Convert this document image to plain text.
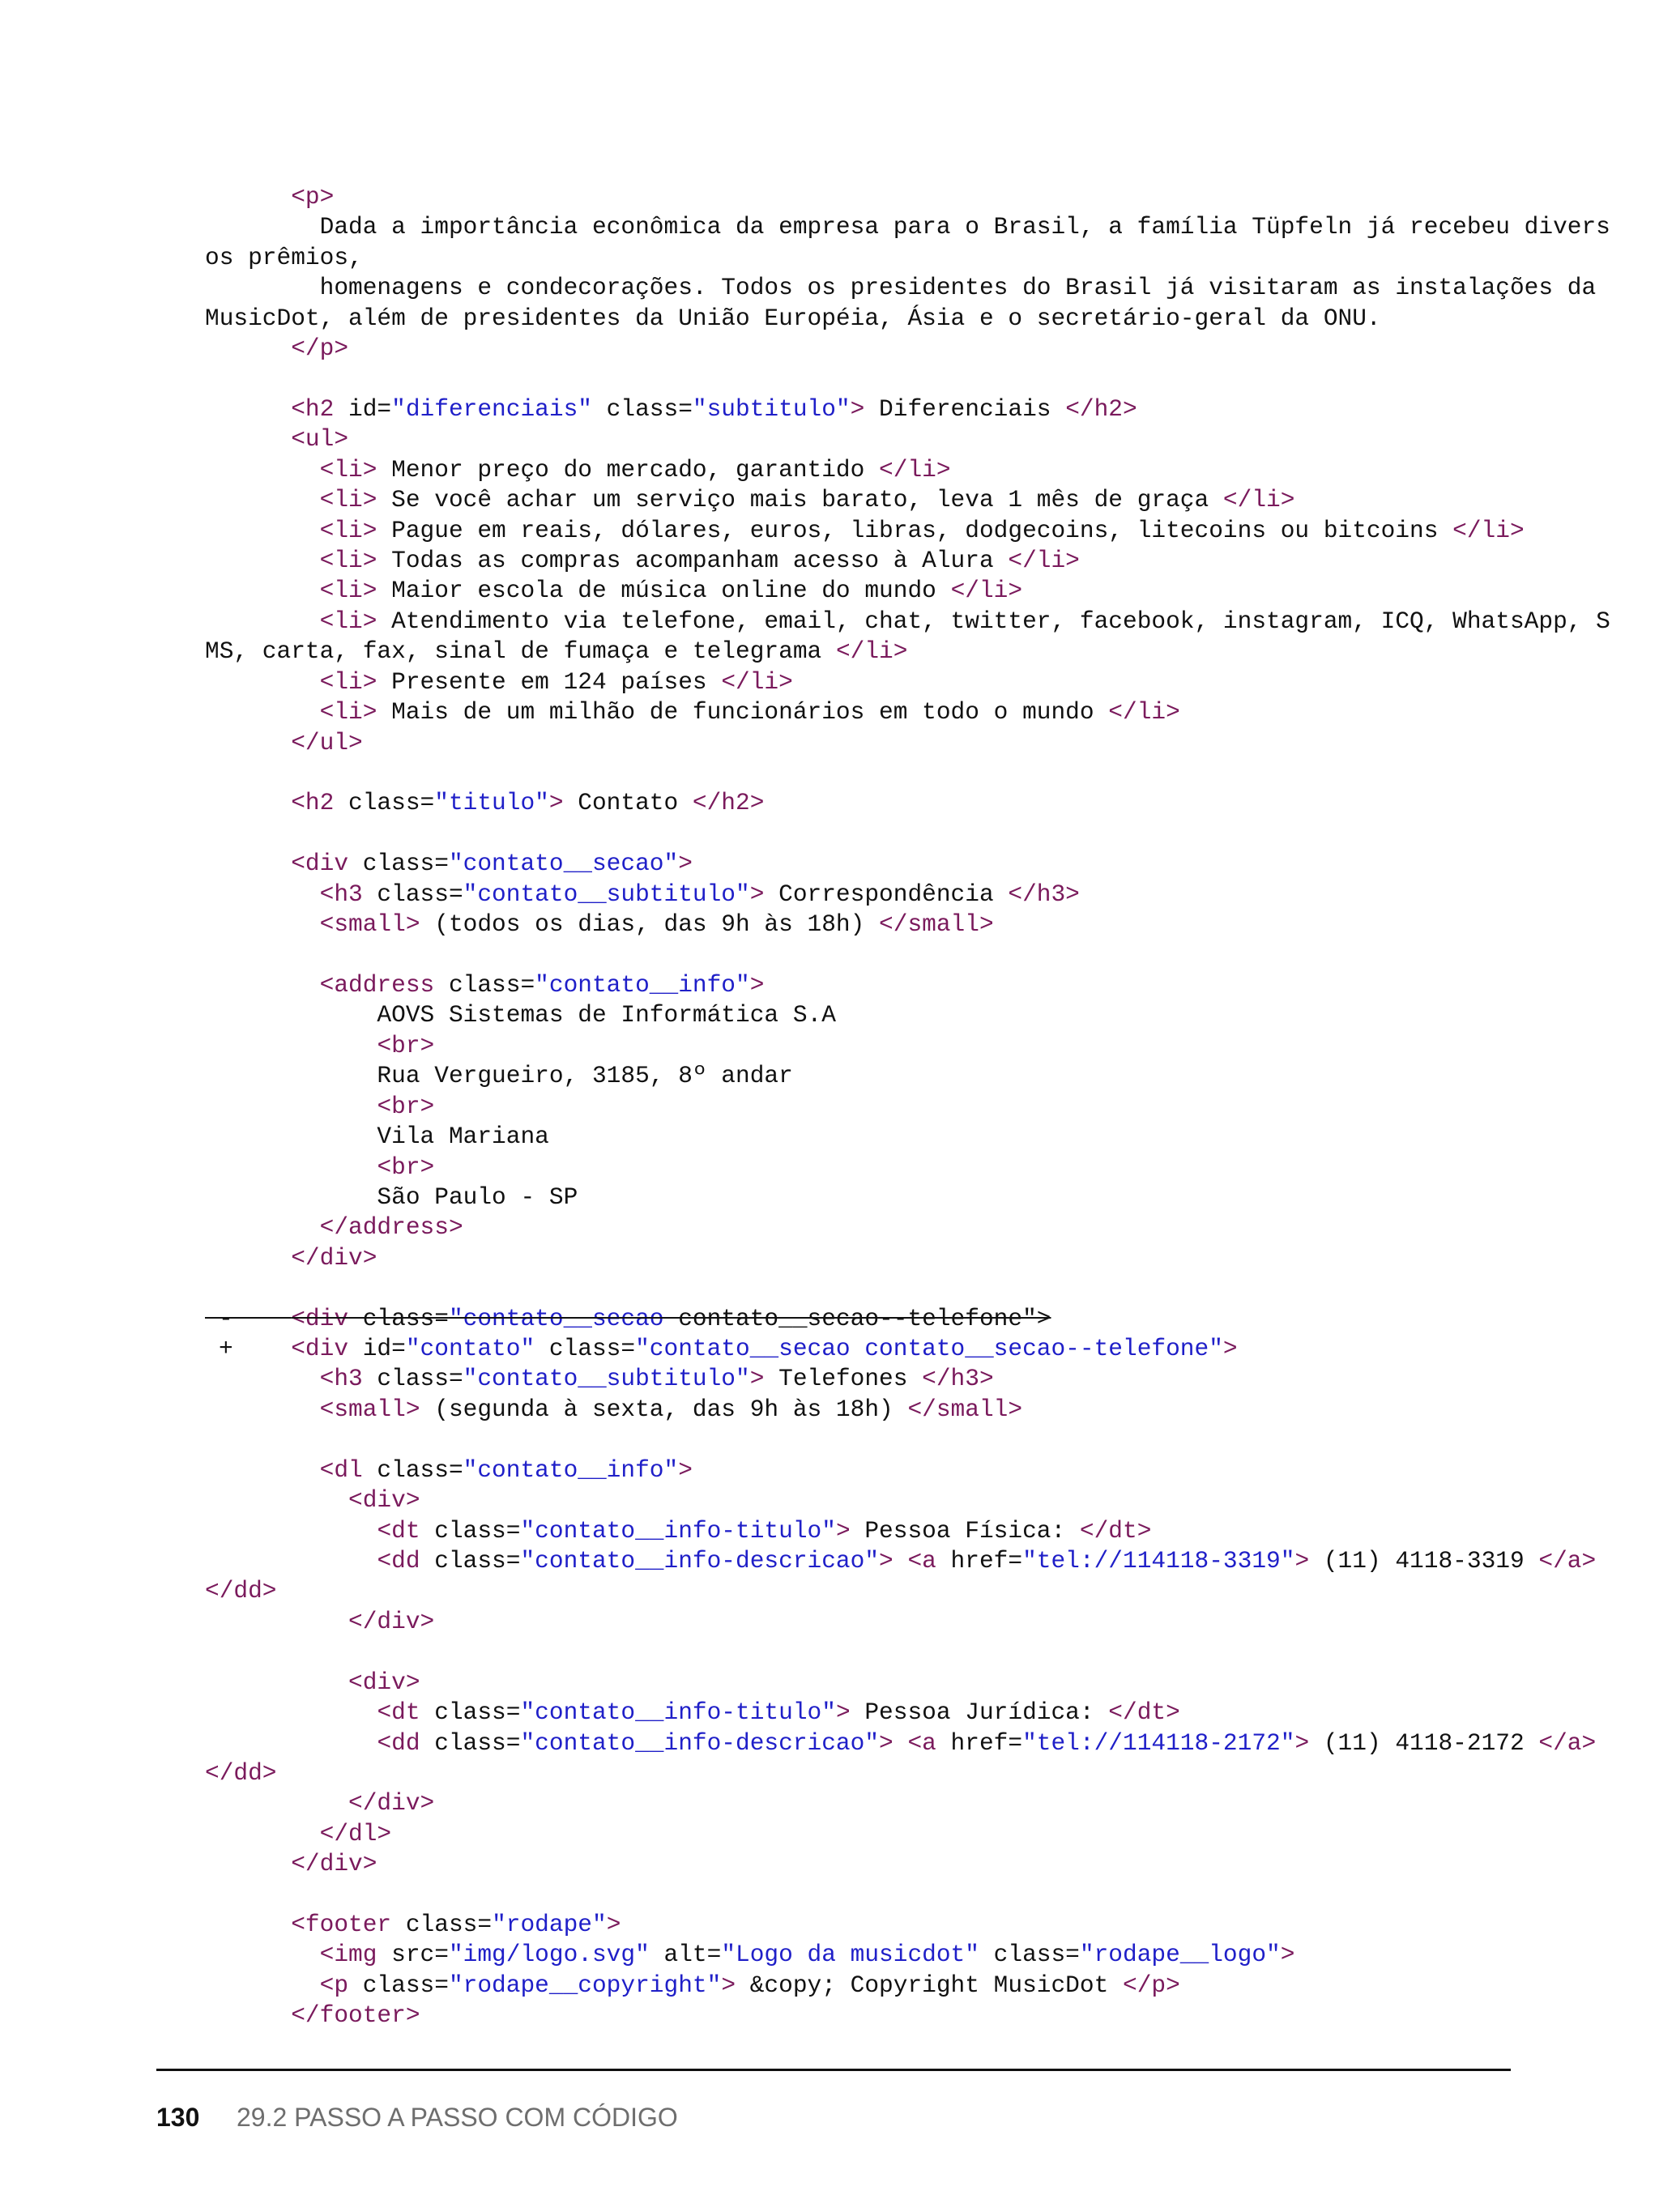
<p>
Dada a importância econômica da empresa para o Brasil, a família Tüpfeln já recebeu divers
os prêmios,
homenagens e condecorações. Todos os presidentes do Brasil já visitaram as instalações da
MusicDot, além de presidentes da União Européia, Ásia e o secretário-geral da ONU.
</p>
<h2 id="diferenciais" class="subtitulo"> Diferenciais </h2>
<ul>
<li> Menor preço do mercado, garantido </li>
<li> Se você achar um serviço mais barato, leva 1 mês de graça </li>
<li> Pague em reais, dólares, euros, libras, dodgecoins, litecoins ou bitcoins </li>
<li> Todas as compras acompanham acesso à Alura </li>
<li> Maior escola de música online do mundo </li>
<li> Atendimento via telefone, email, chat, twitter, facebook, instagram, ICQ, WhatsApp, S
MS, carta, fax, sinal de fumaça e telegrama </li>
<li> Presente em 124 países </li>
<li> Mais de um milhão de funcionários em todo o mundo </li>
</ul>
<h2 class="titulo"> Contato </h2>
<div class="contato__secao">
<h3 class="contato__subtitulo"> Correspondência </h3>
<small> (todos os dias, das 9h às 18h) </small>
<address class="contato__info">
AOVS Sistemas de Informática S.A
<br>
Rua Vergueiro, 3185, 8º andar
<br>
Vila Mariana
<br>
São Paulo - SP
</address>
</div>
-	<div class="contato__secao contato__secao--telefone">
+	<div id="contato" class="contato__secao contato__secao--telefone">
<h3 class="contato__subtitulo"> Telefones </h3>
<small> (segunda à sexta, das 9h às 18h) </small>
<dl class="contato__info">
<div>
<dt class="contato__info-titulo"> Pessoa Física: </dt>
<dd class="contato__info-descricao"> <a href="tel://114118-3319"> (11) 4118-3319 </a>
</dd>
</div>
<div>
<dt class="contato__info-titulo"> Pessoa Jurídica: </dt>
<dd class="contato__info-descricao"> <a href="tel://114118-2172"> (11) 4118-2172 </a>
</dd>
</div>
</dl>
</div>
<footer class="rodape">
<img src="img/logo.svg" alt="Logo da musicdot" class="rodape__logo">
<p class="rodape__copyright"> &copy; Copyright MusicDot </p>
</footer>
130 29.2 PASSO A PASSO COM CÓDIGO
